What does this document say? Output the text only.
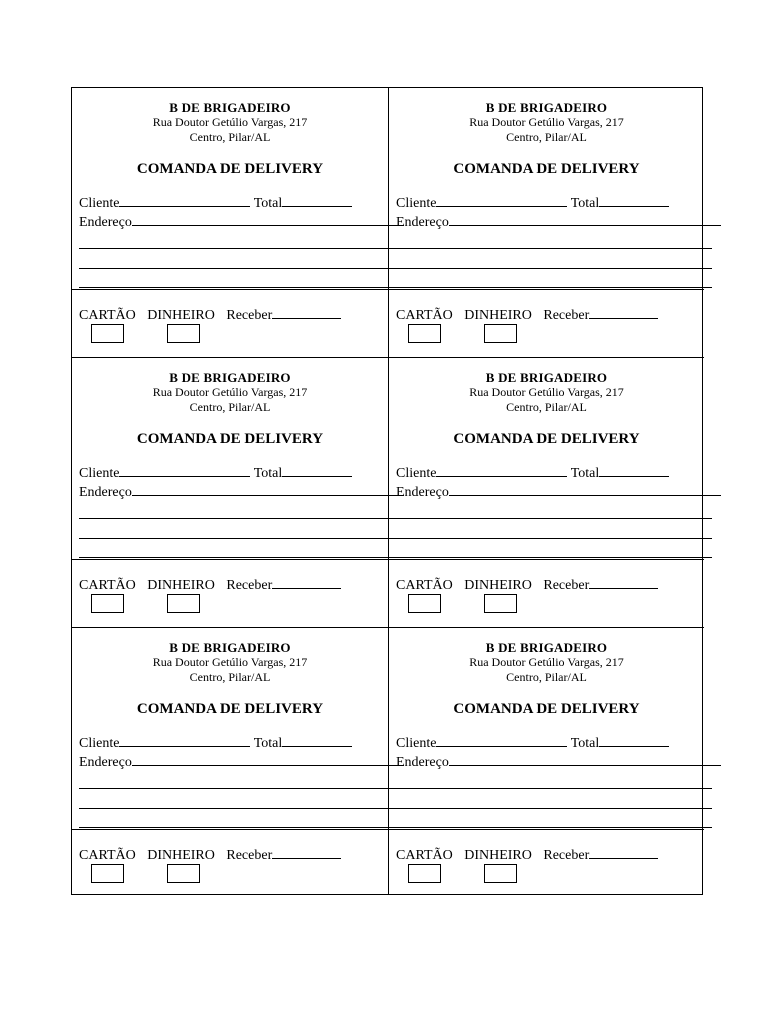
B DE BRIGADEIRO
Rua Doutor Getúlio Vargas, 217
Centro, Pilar/AL
COMANDA DE DELIVERY
Cliente	Total
Endereço
CARTÃO DINHEIRO Receber
B DE BRIGADEIRO
Rua Doutor Getúlio Vargas, 217
Centro, Pilar/AL
COMANDA DE DELIVERY
Cliente	Total
Endereço
CARTÃO DINHEIRO Receber
B DE BRIGADEIRO
Rua Doutor Getúlio Vargas, 217
Centro, Pilar/AL
COMANDA DE DELIVERY
Cliente	Total
Endereço
CARTÃO DINHEIRO Receber
B DE BRIGADEIRO
Rua Doutor Getúlio Vargas, 217
Centro, Pilar/AL
COMANDA DE DELIVERY
Cliente	Total
Endereço
CARTÃO DINHEIRO Receber
B DE BRIGADEIRO
Rua Doutor Getúlio Vargas, 217
Centro, Pilar/AL
COMANDA DE DELIVERY
Cliente	Total
Endereço
CARTÃO DINHEIRO Receber
B DE BRIGADEIRO
Rua Doutor Getúlio Vargas, 217
Centro, Pilar/AL
COMANDA DE DELIVERY
Cliente	Total
Endereço
CARTÃO DINHEIRO Receber
